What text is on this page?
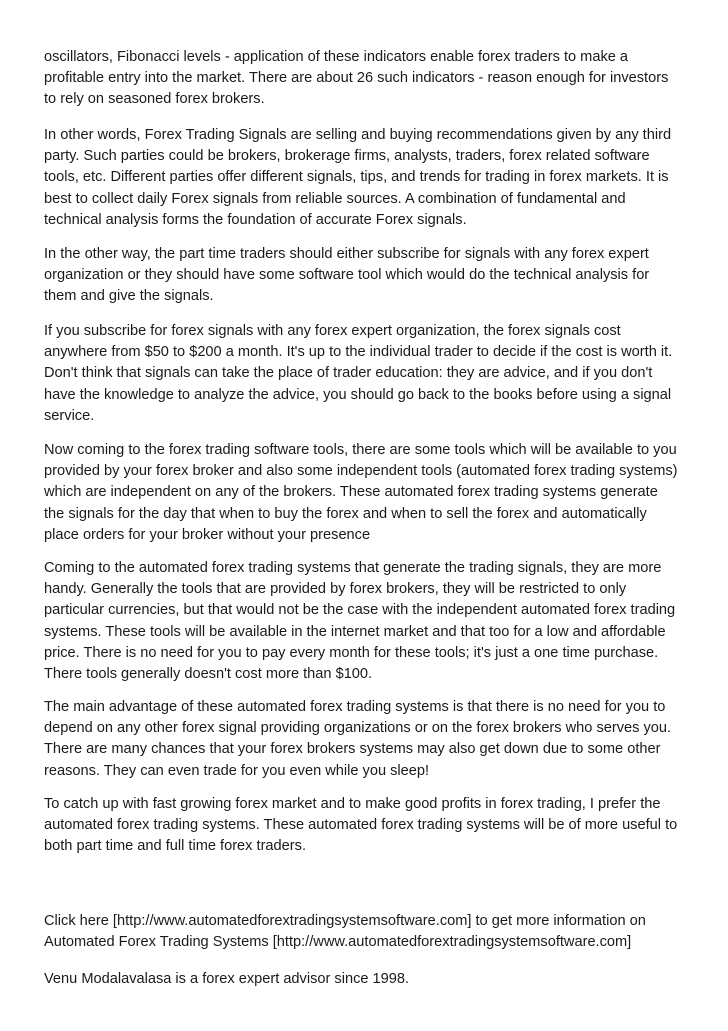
oscillators, Fibonacci levels - application of these indicators enable forex traders to make a
profitable entry into the market. There are about 26 such indicators - reason enough for investors
to rely on seasoned forex brokers.
In other words, Forex Trading Signals are selling and buying recommendations given by any third
party. Such parties could be brokers, brokerage firms, analysts, traders, forex related software
tools, etc. Different parties offer different signals, tips, and trends for trading in forex markets. It is
best to collect daily Forex signals from reliable sources. A combination of fundamental and
technical analysis forms the foundation of accurate Forex signals.
In the other way, the part time traders should either subscribe for signals with any forex expert
organization or they should have some software tool which would do the technical analysis for
them and give the signals.
If you subscribe for forex signals with any forex expert organization, the forex signals cost
anywhere from $50 to $200 a month. It's up to the individual trader to decide if the cost is worth it.
Don't think that signals can take the place of trader education: they are advice, and if you don't
have the knowledge to analyze the advice, you should go back to the books before using a signal
service.
Now coming to the forex trading software tools, there are some tools which will be available to you
provided by your forex broker and also some independent tools (automated forex trading systems)
which are independent on any of the brokers. These automated forex trading systems generate
the signals for the day that when to buy the forex and when to sell the forex and automatically
place orders for your broker without your presence
Coming to the automated forex trading systems that generate the trading signals, they are more
handy. Generally the tools that are provided by forex brokers, they will be restricted to only
particular currencies, but that would not be the case with the independent automated forex trading
systems. These tools will be available in the internet market and that too for a low and affordable
price. There is no need for you to pay every month for these tools; it's just a one time purchase.
There tools generally doesn't cost more than $100.
The main advantage of these automated forex trading systems is that there is no need for you to
depend on any other forex signal providing organizations or on the forex brokers who serves you.
There are many chances that your forex brokers systems may also get down due to some other
reasons. They can even trade for you even while you sleep!
To catch up with fast growing forex market and to make good profits in forex trading, I prefer the
automated forex trading systems. These automated forex trading systems will be of more useful to
both part time and full time forex traders.
Click here [http://www.automatedforextradingsystemsoftware.com] to get more information on
Automated Forex Trading Systems [http://www.automatedforextradingsystemsoftware.com]
Venu Modalavalasa is a forex expert advisor since 1998.
